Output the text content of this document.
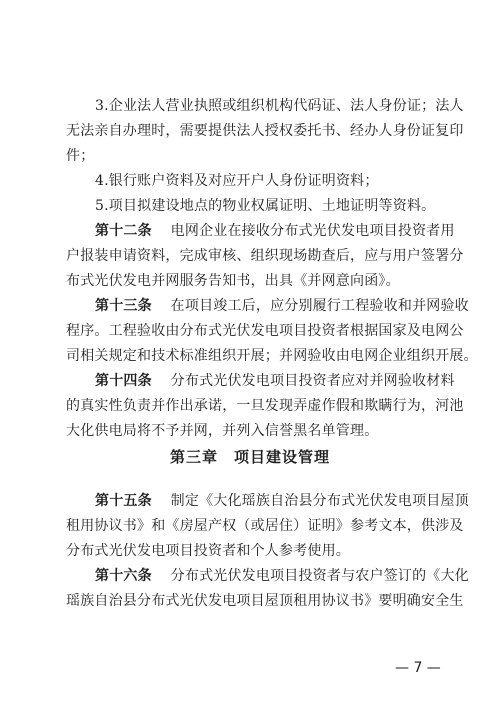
3.企业法人营业执照或组织机构代码证、法人身份证；法人
无法亲自办理时，需要提供法人授权委托书、经办人身份证复印
件；
4.银行账户资料及对应开户人身份证明资料；
5.项目拟建设地点的物业权属证明、土地证明等资料。
第十二条　 电网企业在接收分布式光伏发电项目投资者用
户报装申请资料，完成审核、组织现场勘查后，应与用户签署分
布式光伏发电并网服务告知书，出具《并网意向函》。
第十三条　 在项目竣工后，应分别履行工程验收和并网验收
程序。工程验收由分布式光伏发电项目投资者根据国家及电网公
司相关规定和技术标准组织开展；并网验收由电网企业组织开展。
第十四条　 分布式光伏发电项目投资者应对并网验收材料
的真实性负责并作出承诺，一旦发现弄虚作假和欺瞒行为，河池
大化供电局将不予并网，并列入信誉黑名单管理。
第三章　项目建设管理
第十五条　 制定《大化瑶族自治县分布式光伏发电项目屋顶
租用协议书》和《房屋产权（或居住）证明》参考文本，供涉及
分布式光伏发电项目投资者和个人参考使用。
第十六条　 分布式光伏发电项目投资者与农户签订的《大化
瑶族自治县分布式光伏发电项目屋顶租用协议书》要明确安全生
— 7 —
